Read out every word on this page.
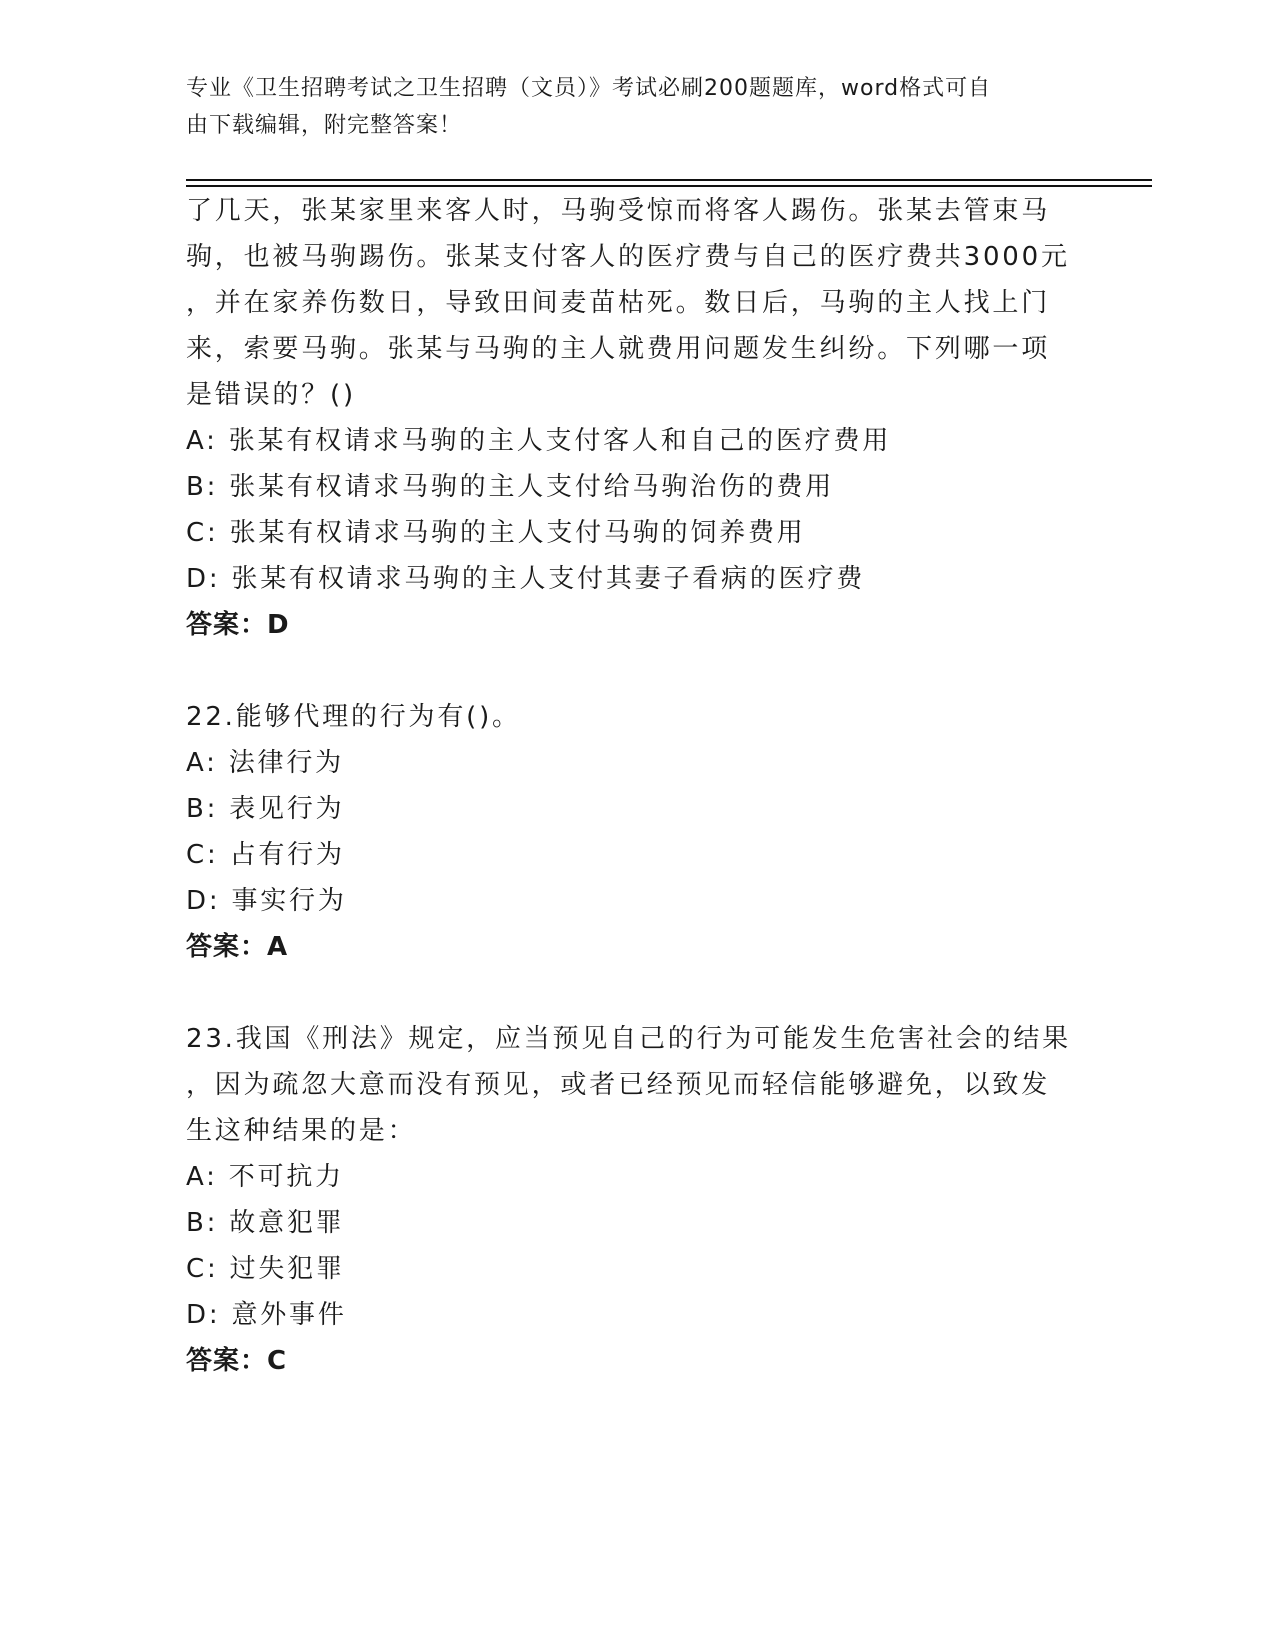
专业《卫生招聘考试之卫生招聘（文员）》考试必刷200题题库，word格式可自
由下载编辑，附完整答案！
了几天，张某家里来客人时，马驹受惊而将客人踢伤。张某去管束马
驹，也被马驹踢伤。张某支付客人的医疗费与自己的医疗费共3000元
，并在家养伤数日，导致田间麦苗枯死。数日后，马驹的主人找上门
来，索要马驹。张某与马驹的主人就费用问题发生纠纷。下列哪一项
是错误的？()
A: 张某有权请求马驹的主人支付客人和自己的医疗费用
B: 张某有权请求马驹的主人支付给马驹治伤的费用
C: 张某有权请求马驹的主人支付马驹的饲养费用
D: 张某有权请求马驹的主人支付其妻子看病的医疗费
答案：D
22.能够代理的行为有()。
A: 法律行为
B: 表见行为
C: 占有行为
D: 事实行为
答案：A
23.我国《刑法》规定，应当预见自己的行为可能发生危害社会的结果
，因为疏忽大意而没有预见，或者已经预见而轻信能够避免，以致发
生这种结果的是：
A: 不可抗力
B: 故意犯罪
C: 过失犯罪
D: 意外事件
答案：C
